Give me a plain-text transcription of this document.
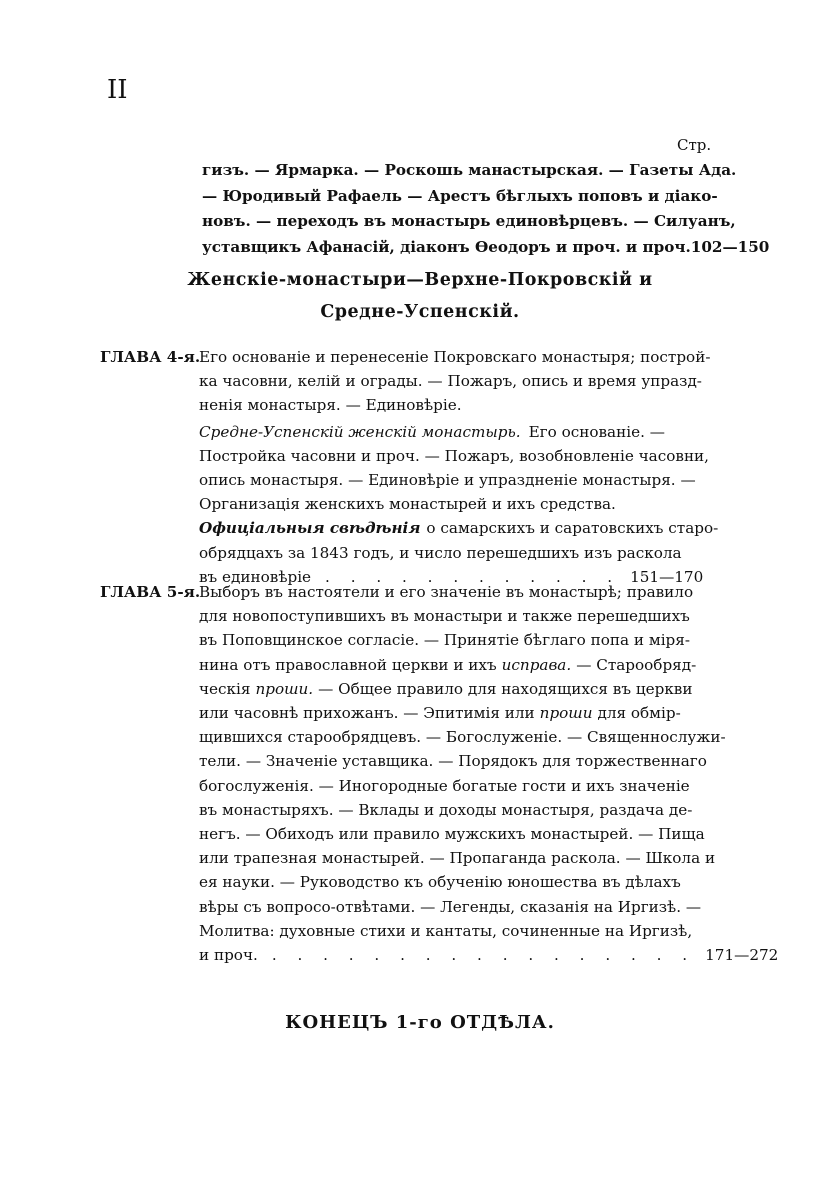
II
Стр.
гизъ. — Ярмарка. — Роскошь манастырская. — Газеты Ада.
— Юродивый Рафаель — Арестъ бѣглыхъ поповъ и діако-
новъ. — переходъ въ монастырь единовѣрцевъ. — Силуанъ,
уставщикъ Афанасій, діаконъ Ѳеодоръ и проч. и проч. 102—150
Женскіе-монастыри—Верхне-Покровскій и
Средне-Успенскій.
ГЛАВА 4-я.
Его основаніе и перенесеніе Покровскаго монастыря; построй-
ка часовни, келій и ограды. — Пожаръ, опись и время упразд-
ненія монастыря. — Единовѣріе.
Средне-Успенскій женскій монастырь. Его основаніе. —
Постройка часовни и проч. — Пожаръ, возобновленіе часовни,
опись монастыря. — Единовѣріе и упраздненіе монастыря. —
Организація женскихъ монастырей и ихъ средства.
Офиціальныя свѣдѣнія о самарскихъ и саратовскихъ старо-
обрядцахъ за 1843 годъ, и число перешедшихъ изъ раскола
въ единовѣріе . . . . . . . . . . . . 151—170
ГЛАВА 5-я.
Выборъ въ настоятели и его значеніе въ монастырѣ; правило
для новопоступившихъ въ монастыри и также перешедшихъ
въ Поповщинское согласіе. — Принятіе бѣглаго попа и міря-
нина отъ православной церкви и ихъ исправа. — Старообряд-
ческія проши. — Общее правило для находящихся въ церкви
или часовнѣ прихожанъ. — Эпитимія или проши для обмір-
щившихся старообрядцевъ. — Богослуженіе. — Священнослужи-
тели. — Значеніе уставщика. — Порядокъ для торжественнаго
богослуженія. — Иногородные богатые гости и ихъ значеніе
въ монастыряхъ. — Вклады и доходы монастыря, раздача де-
негъ. — Обиходъ или правило мужскихъ монастырей. — Пища
или трапезная монастырей. — Пропаганда раскола. — Школа и
ея науки. — Руководство къ обученію юношества въ дѣлахъ
вѣры съ вопросо-отвѣтами. — Легенды, сказанія на Иргизѣ. —
Молитва: духовные стихи и кантаты, сочиненные на Иргизѣ,
и проч. . . . . . . . . . . . . . . . . . 171—272
КОНЕЦЪ 1-го ОТДѢЛА.
